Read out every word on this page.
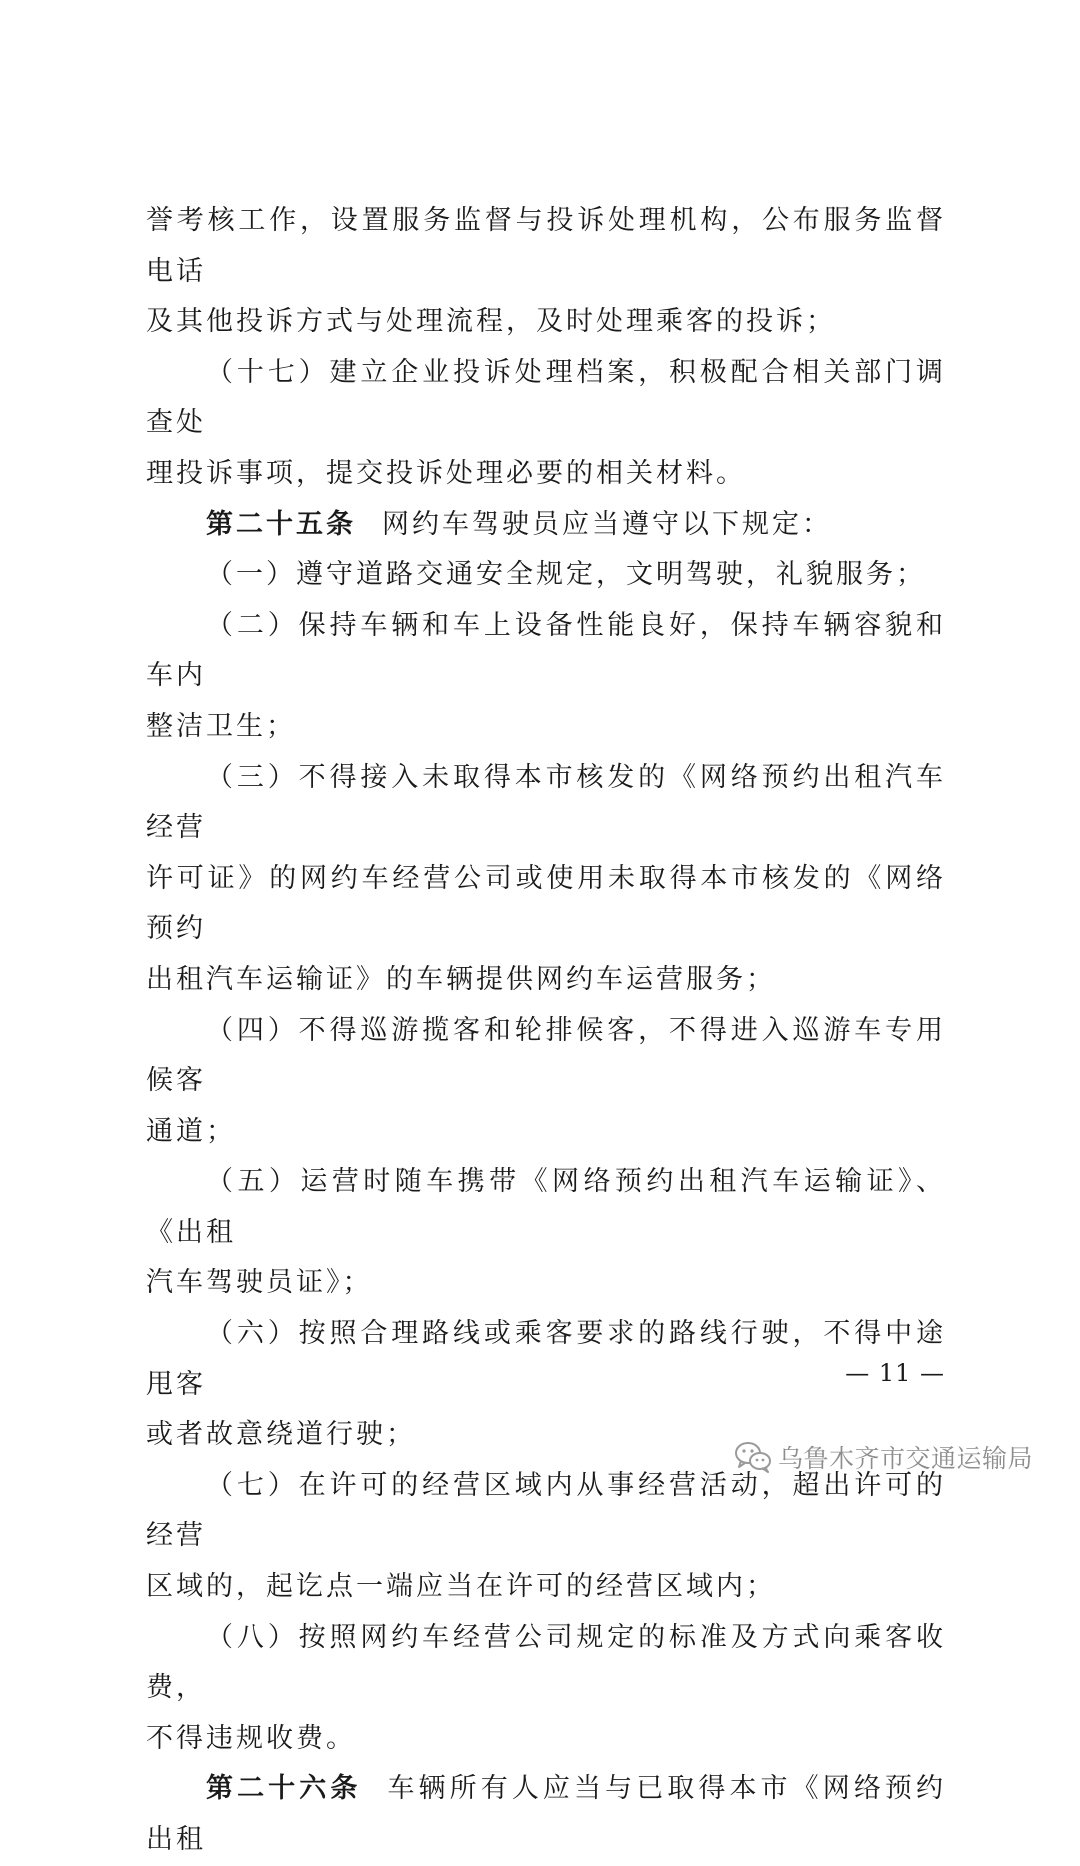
誉考核工作，设置服务监督与投诉处理机构，公布服务监督电话

及其他投诉方式与处理流程，及时处理乘客的投诉；

（十七）建立企业投诉处理档案，积极配合相关部门调查处

理投诉事项，提交投诉处理必要的相关材料。

第二十五条 网约车驾驶员应当遵守以下规定：

（一）遵守道路交通安全规定，文明驾驶，礼貌服务；

（二）保持车辆和车上设备性能良好，保持车辆容貌和车内

整洁卫生；

（三）不得接入未取得本市核发的《网络预约出租汽车经营

许可证》的网约车经营公司或使用未取得本市核发的《网络预约

出租汽车运输证》的车辆提供网约车运营服务；

（四）不得巡游揽客和轮排候客，不得进入巡游车专用候客

通道；

（五）运营时随车携带《网络预约出租汽车运输证》、《出租

汽车驾驶员证》；

（六）按照合理路线或乘客要求的路线行驶，不得中途甩客

或者故意绕道行驶；

（七）在许可的经营区域内从事经营活动，超出许可的经营

区域的，起讫点一端应当在许可的经营区域内；

（八）按照网约车经营公司规定的标准及方式向乘客收费，

不得违规收费。

第二十六条 车辆所有人应当与已取得本市《网络预约出租

— 11 —
乌鲁木齐市交通运输局
